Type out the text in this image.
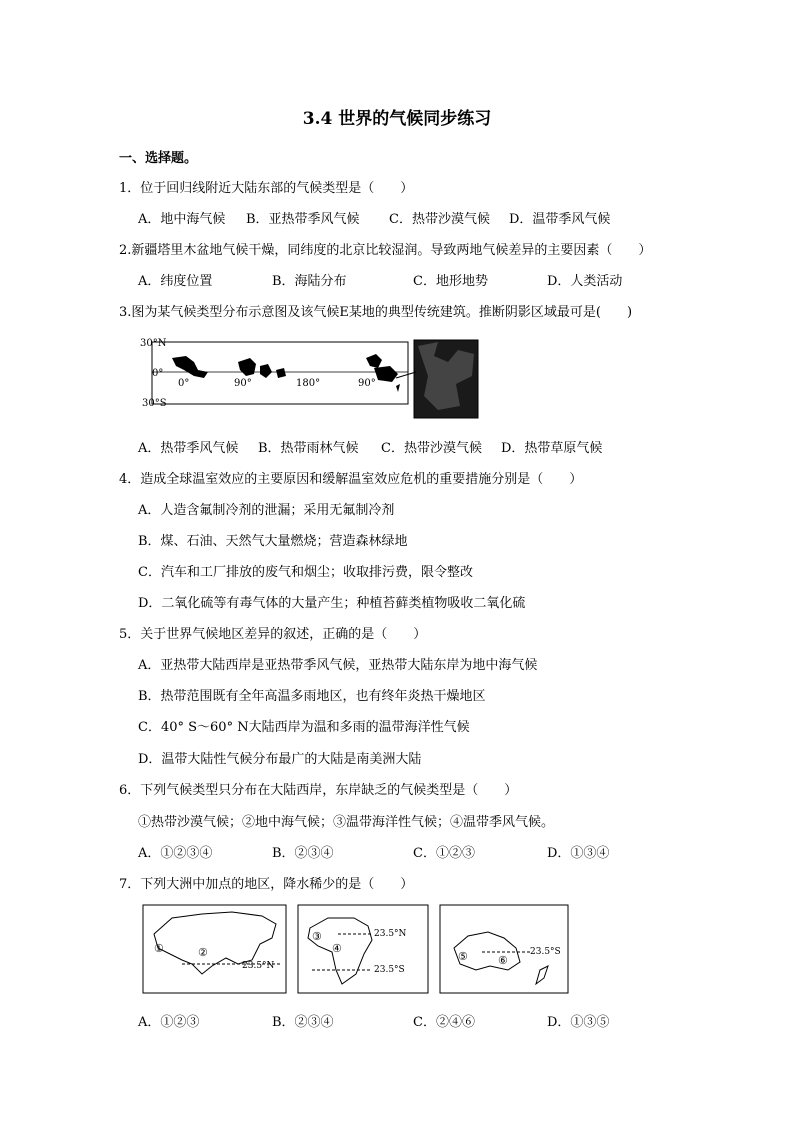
3.4 世界的气候同步练习
一、选择题。
1．位于回归线附近大陆东部的气候类型是（　　）
A．地中海气候 B．亚热带季风气候 C．热带沙漠气候 D．温带季风气候
2.新疆塔里木盆地气候干燥，同纬度的北京比较湿润。导致两地气候差异的主要因素（　　）
A．纬度位置	B．海陆分布	C．地形地势	D．人类活动
3.图为某气候类型分布示意图及该气候E某地的典型传统建筑。推断阴影区域最可是(　　)
30°N
0°
30°S
0°	90°	180°	90°
A．热带季风气候 B．热带雨林气候 C．热带沙漠气候 D．热带草原气候
4．造成全球温室效应的主要原因和缓解温室效应危机的重要措施分别是（　　）
A．人造含氟制冷剂的泄漏；采用无氟制冷剂
B．煤、石油、天然气大量燃烧；营造森林绿地
C．汽车和工厂排放的废气和烟尘；收取排污费，限令整改
D．二氧化硫等有毒气体的大量产生；种植苔藓类植物吸收二氧化硫
5．关于世界气候地区差异的叙述，正确的是（　　）
A．亚热带大陆西岸是亚热带季风气候，亚热带大陆东岸为地中海气候
B．热带范围既有全年高温多雨地区，也有终年炎热干燥地区
C．40° S～60° N大陆西岸为温和多雨的温带海洋性气候
D．温带大陆性气候分布最广的大陆是南美洲大陆
6．下列气候类型只分布在大陆西岸，东岸缺乏的气候类型是（　　）
①热带沙漠气候；②地中海气候；③温带海洋性气候；④温带季风气候。
A．①②③④	B．②③④	C．①②③	D．①③④
7．下列大洲中加点的地区，降水稀少的是（　　）
①	②
23.5°N
③
④
23.5°N
23.5°S
⑤	⑥
23.5°S
A．①②③	B．②③④	C．②④⑥	D．①③⑤
